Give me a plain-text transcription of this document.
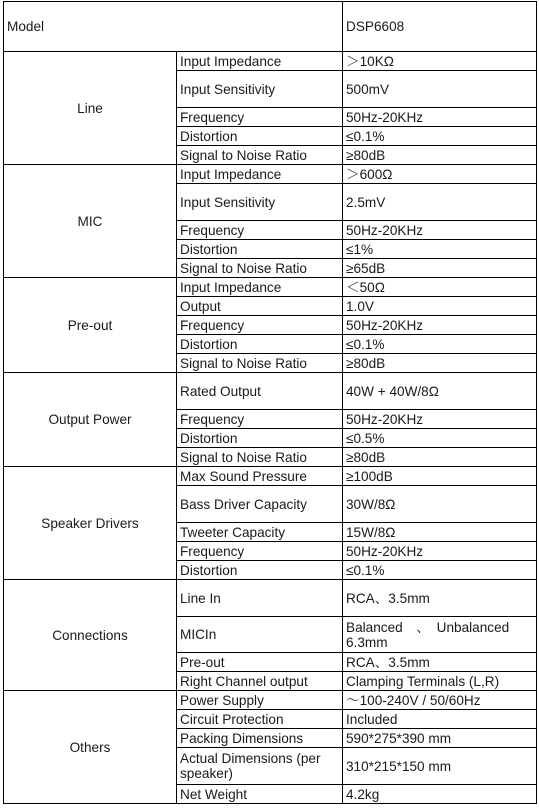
Model		DSP6608
Line	Input Impedance	＞10KΩ
	Input Sensitivity	500mV
	Frequency	50Hz-20KHz
	Distortion	≤0.1%
	Signal to Noise Ratio	≥80dB
MIC	Input Impedance	＞600Ω
	Input Sensitivity	2.5mV
	Frequency	50Hz-20KHz
	Distortion	≤1%
	Signal to Noise Ratio	≥65dB
Pre-out	Input Impedance	＜50Ω
	Output	1.0V
	Frequency	50Hz-20KHz
	Distortion	≤0.1%
	Signal to Noise Ratio	≥80dB
Output Power	Rated Output	40W + 40W/8Ω
	Frequency	50Hz-20KHz
	Distortion	≤0.5%
	Signal to Noise Ratio	≥80dB
Speaker Drivers	Max Sound Pressure	≥100dB
	Bass Driver Capacity	30W/8Ω
	Tweeter Capacity	15W/8Ω
	Frequency	50Hz-20KHz
	Distortion	≤0.1%
Connections	Line In	RCA、3.5mm
	MICIn	Balanced　、　Unbalanced
6.3mm

	Pre-out	RCA、3.5mm
	Right Channel output	Clamping Terminals (L,R)
Others	Power Supply	～100-240V / 50/60Hz
	Circuit Protection	Included
	Packing Dimensions	590*275*390 mm

	Actual Dimensions (per
speaker)	310*215*150 mm
	Net Weight	4.2kg
